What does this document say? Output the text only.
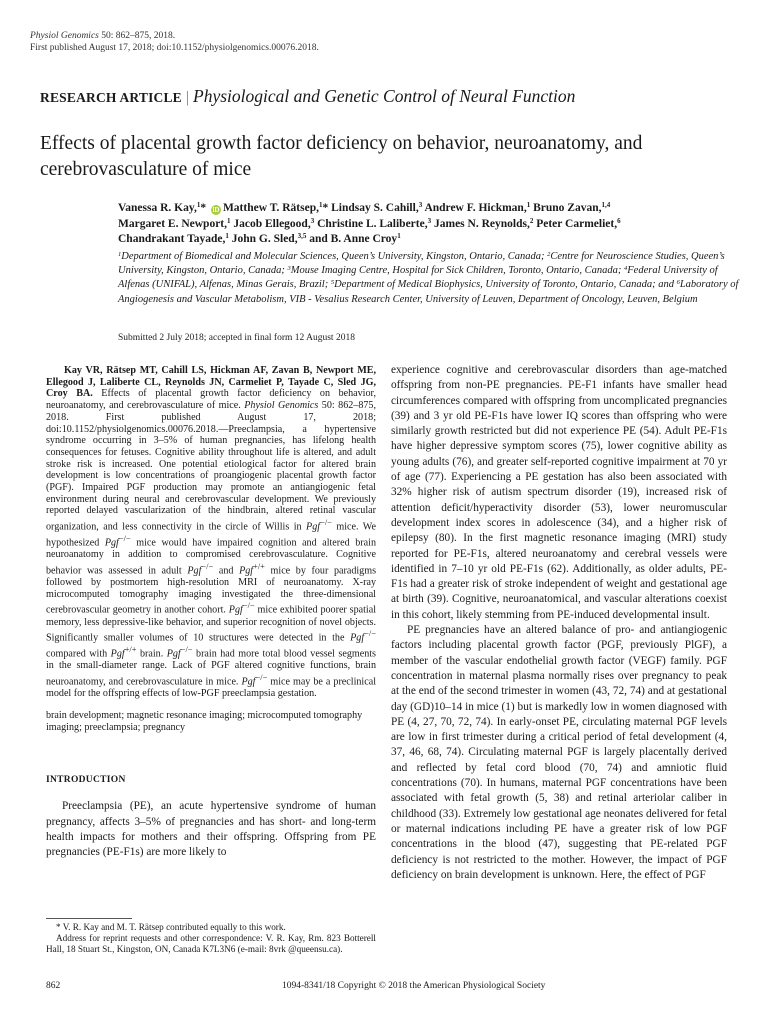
Physiol Genomics 50: 862–875, 2018.
First published August 17, 2018; doi:10.1152/physiolgenomics.00076.2018.
RESEARCH ARTICLE | Physiological and Genetic Control of Neural Function
Effects of placental growth factor deficiency on behavior, neuroanatomy, and cerebrovasculature of mice
Vanessa R. Kay,$^1$* iD Matthew T. Rätsep,$^1$* Lindsay S. Cahill,$^3$ Andrew F. Hickman,$^1$ Bruno Zavan,$^{1,4}$
Margaret E. Newport,$^1$ Jacob Ellegood,$^3$ Christine L. Laliberte,$^3$ James N. Reynolds,$^2$ Peter Carmeliet,$^6$
Chandrakant Tayade,$^1$ John G. Sled,$^{3,5}$ and B. Anne Croy$^1$
$^1$Department of Biomedical and Molecular Sciences, Queen’s University, Kingston, Ontario, Canada; $^2$Centre for Neuroscience Studies, Queen’s University, Kingston, Ontario, Canada; $^3$Mouse Imaging Centre, Hospital for Sick Children, Toronto, Ontario, Canada; $^4$Federal University of Alfenas (UNIFAL), Alfenas, Minas Gerais, Brazil; $^5$Department of Medical Biophysics, University of Toronto, Ontario, Canada; and $^6$Laboratory of Angiogenesis and Vascular Metabolism, VIB - Vesalius Research Center, University of Leuven, Department of Oncology, Leuven, Belgium
Submitted 2 July 2018; accepted in final form 12 August 2018

Kay VR, Rätsep MT, Cahill LS, Hickman AF, Zavan B, Newport ME, Ellegood J, Laliberte CL, Reynolds JN, Carmeliet P, Tayade C, Sled JG, Croy BA. Effects of placental growth factor deficiency on behavior, neuroanatomy, and cerebrovasculature of mice. Physiol Genomics 50: 862–875, 2018. First published August 17, 2018; doi:10.1152/physiolgenomics.00076.2018.—Preeclampsia, a hypertensive syndrome occurring in 3–5% of human pregnancies, has lifelong health consequences for fetuses. Cognitive ability throughout life is altered, and adult stroke risk is increased. One potential etiological factor for altered brain development is low concentrations of proangiogenic placental growth factor (PGF). Impaired PGF production may promote an antiangiogenic fetal environment during neural and cerebrovascular development. We previously reported delayed vascularization of the hindbrain, altered retinal vascular organization, and less connectivity in the circle of Willis in Pgf−/− mice. We hypothesized Pgf−/− mice would have impaired cognition and altered brain neuroanatomy in addition to compromised cerebrovasculature. Cognitive behavior was assessed in adult Pgf−/− and Pgf+/+ mice by four paradigms followed by postmortem high-resolution MRI of neuroanatomy. X-ray microcomputed tomography imaging investigated the three-dimensional cerebrovascular geometry in another cohort. Pgf−/− mice exhibited poorer spatial memory, less depressive-like behavior, and superior recognition of novel objects. Significantly smaller volumes of 10 structures were detected in the Pgf−/− compared with Pgf+/+ brain. Pgf−/− brain had more total blood vessel segments in the small-diameter range. Lack of PGF altered cognitive functions, brain neuroanatomy, and cerebrovasculature in mice. Pgf−/− mice may be a preclinical model for the offspring effects of low-PGF preeclampsia gestation.

brain development; magnetic resonance imaging; microcomputed tomography imaging; preeclampsia; pregnancy
INTRODUCTION

Preeclampsia (PE), an acute hypertensive syndrome of human pregnancy, affects 3–5% of pregnancies and has short- and long-term health impacts for mothers and their offspring. Offspring from PE pregnancies (PE-F1s) are more likely to

experience cognitive and cerebrovascular disorders than age-matched offspring from non-PE pregnancies. PE-F1 infants have smaller head circumferences compared with offspring from uncomplicated pregnancies (39) and 3 yr old PE-F1s have lower IQ scores than offspring who were similarly growth restricted but did not experience PE (54). Adult PE-F1s have higher depressive symptom scores (75), lower cognitive ability as young adults (76), and greater self-reported cognitive impairment at 70 yr of age (77). Experiencing a PE gestation has also been associated with 32% higher risk of autism spectrum disorder (19), increased risk of attention deficit/hyperactivity disorder (53), lower neuromuscular development index scores in adolescence (34), and a higher risk of epilepsy (80). In the first magnetic resonance imaging (MRI) study reported for PE-F1s, altered neuroanatomy and cerebral vessels were identified in 7–10 yr old PE-F1s (62). Additionally, as older adults, PE-F1s had a greater risk of stroke independent of weight and gestational age at birth (39). Cognitive, neuroanatomical, and vascular alterations coexist in this cohort, likely stemming from PE-induced developmental insult.

PE pregnancies have an altered balance of pro- and antiangiogenic factors including placental growth factor (PGF, previously PlGF), a member of the vascular endothelial growth factor (VEGF) family. PGF concentration in maternal plasma normally rises over pregnancy to peak at the end of the second trimester in women (43, 72, 74) and at gestational day (GD)10–14 in mice (1) but is markedly low in women diagnosed with PE (4, 27, 70, 72, 74). In early-onset PE, circulating maternal PGF levels are low in first trimester during a critical period of fetal development (4, 37, 46, 68, 74). Circulating maternal PGF is largely placentally derived and reflected by fetal cord blood (70, 74) and amniotic fluid concentrations (70). In humans, maternal PGF concentrations have been associated with fetal growth (5, 38) and retinal arteriolar caliber in childhood (33). Extremely low gestational age neonates delivered for fetal or maternal indications including PE have a greater risk of low PGF concentrations in the blood (47), suggesting that PE-related PGF deficiency is not restricted to the mother. However, the impact of PGF deficiency on brain development is unknown. Here, the effect of PGF

* V. R. Kay and M. T. Rätsep contributed equally to this work.

Address for reprint requests and other correspondence: V. R. Kay, Rm. 823 Botterell Hall, 18 Stuart St., Kingston, ON, Canada K7L3N6 (e-mail: 8vrk @queensu.ca).

862	1094-8341/18 Copyright © 2018 the American Physiological Society
